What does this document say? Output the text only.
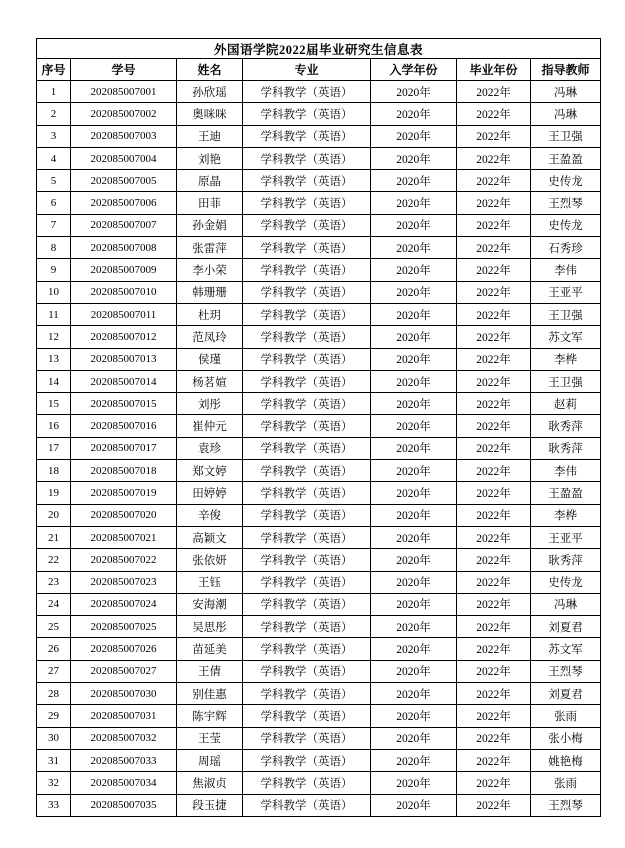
外国语学院2022届毕业研究生信息表						
序号	学号	姓名	专业	入学年份	毕业年份	指导教师
1	202085007001	孙欣瑶	学科教学（英语）	2020年	2022年	冯琳
2	202085007002	奥咪咪	学科教学（英语）	2020年	2022年	冯琳
3	202085007003	王迪	学科教学（英语）	2020年	2022年	王卫强
4	202085007004	刘艳	学科教学（英语）	2020年	2022年	王盈盈
5	202085007005	原晶	学科教学（英语）	2020年	2022年	史传龙
6	202085007006	田菲	学科教学（英语）	2020年	2022年	王烈琴
7	202085007007	孙金娟	学科教学（英语）	2020年	2022年	史传龙
8	202085007008	张雷萍	学科教学（英语）	2020年	2022年	石秀珍
9	202085007009	李小荣	学科教学（英语）	2020年	2022年	李伟
10	202085007010	韩珊珊	学科教学（英语）	2020年	2022年	王亚平
11	202085007011	杜玥	学科教学（英语）	2020年	2022年	王卫强
12	202085007012	范凤玲	学科教学（英语）	2020年	2022年	苏文军
13	202085007013	侯瑾	学科教学（英语）	2020年	2022年	李桦
14	202085007014	杨茗媗	学科教学（英语）	2020年	2022年	王卫强
15	202085007015	刘彤	学科教学（英语）	2020年	2022年	赵莉
16	202085007016	崔仲元	学科教学（英语）	2020年	2022年	耿秀萍
17	202085007017	袁珍	学科教学（英语）	2020年	2022年	耿秀萍
18	202085007018	郑文婷	学科教学（英语）	2020年	2022年	李伟
19	202085007019	田婷婷	学科教学（英语）	2020年	2022年	王盈盈
20	202085007020	辛俊	学科教学（英语）	2020年	2022年	李桦
21	202085007021	高颖文	学科教学（英语）	2020年	2022年	王亚平
22	202085007022	张依妍	学科教学（英语）	2020年	2022年	耿秀萍
23	202085007023	王钰	学科教学（英语）	2020年	2022年	史传龙
24	202085007024	安海潮	学科教学（英语）	2020年	2022年	冯琳
25	202085007025	吴思彤	学科教学（英语）	2020年	2022年	刘夏君
26	202085007026	苗延美	学科教学（英语）	2020年	2022年	苏文军
27	202085007027	王倩	学科教学（英语）	2020年	2022年	王烈琴
28	202085007030	别佳惠	学科教学（英语）	2020年	2022年	刘夏君
29	202085007031	陈宇辉	学科教学（英语）	2020年	2022年	张雨
30	202085007032	王莹	学科教学（英语）	2020年	2022年	张小梅
31	202085007033	周瑶	学科教学（英语）	2020年	2022年	姚艳梅
32	202085007034	焦淑贞	学科教学（英语）	2020年	2022年	张雨
33	202085007035	段玉捷	学科教学（英语）	2020年	2022年	王烈琴
